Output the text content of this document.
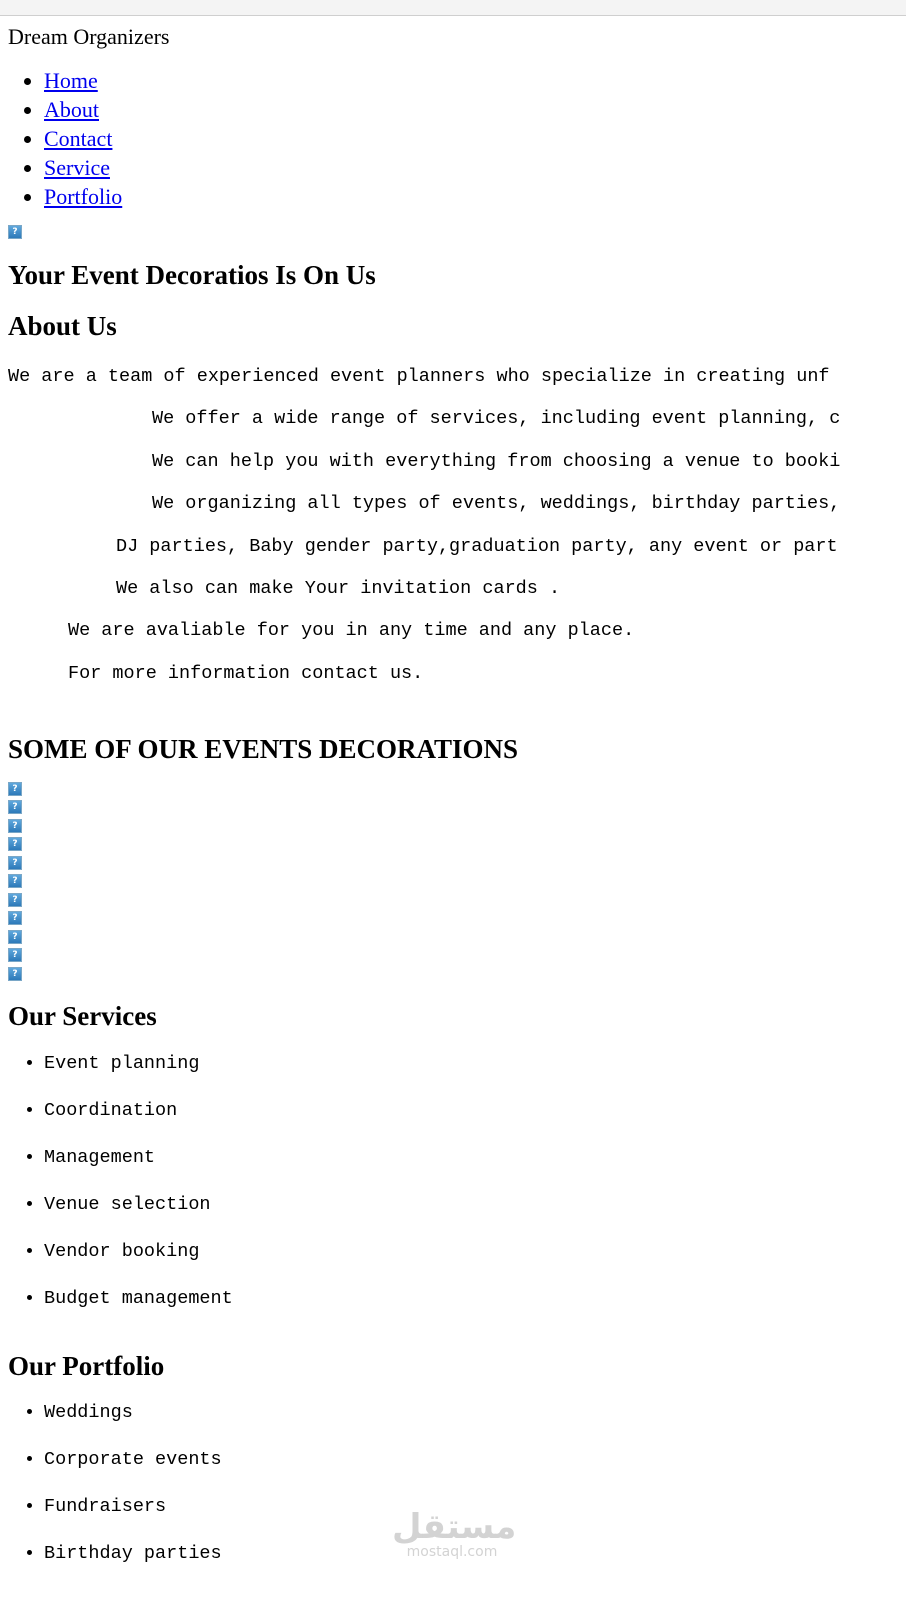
Dream Organizers
• Home
• About
• Contact
• Service
• Portfolio
?
Your Event Decoratios Is On Us
About Us

We are a team of experienced event planners who specialize in creating unf

We offer a wide range of services, including event planning, c

We can help you with everything from choosing a venue to booki

We organizing all types of events, weddings, birthday parties,

DJ parties, Baby gender party,graduation party, any event or part

We also can make Your invitation cards .

We are avaliable for you in any time and any place.

For more information contact us.

SOME OF OUR EVENTS DECORATIONS
?
?
?
?
?
?
?
?
?
?
?
Our Services
• Event planning
• Coordination
• Management
• Venue selection
• Vendor booking
• Budget management
Our Portfolio
• Weddings
• Corporate events
• Fundraisers
• Birthday parties
مستقل
mostaql.com
